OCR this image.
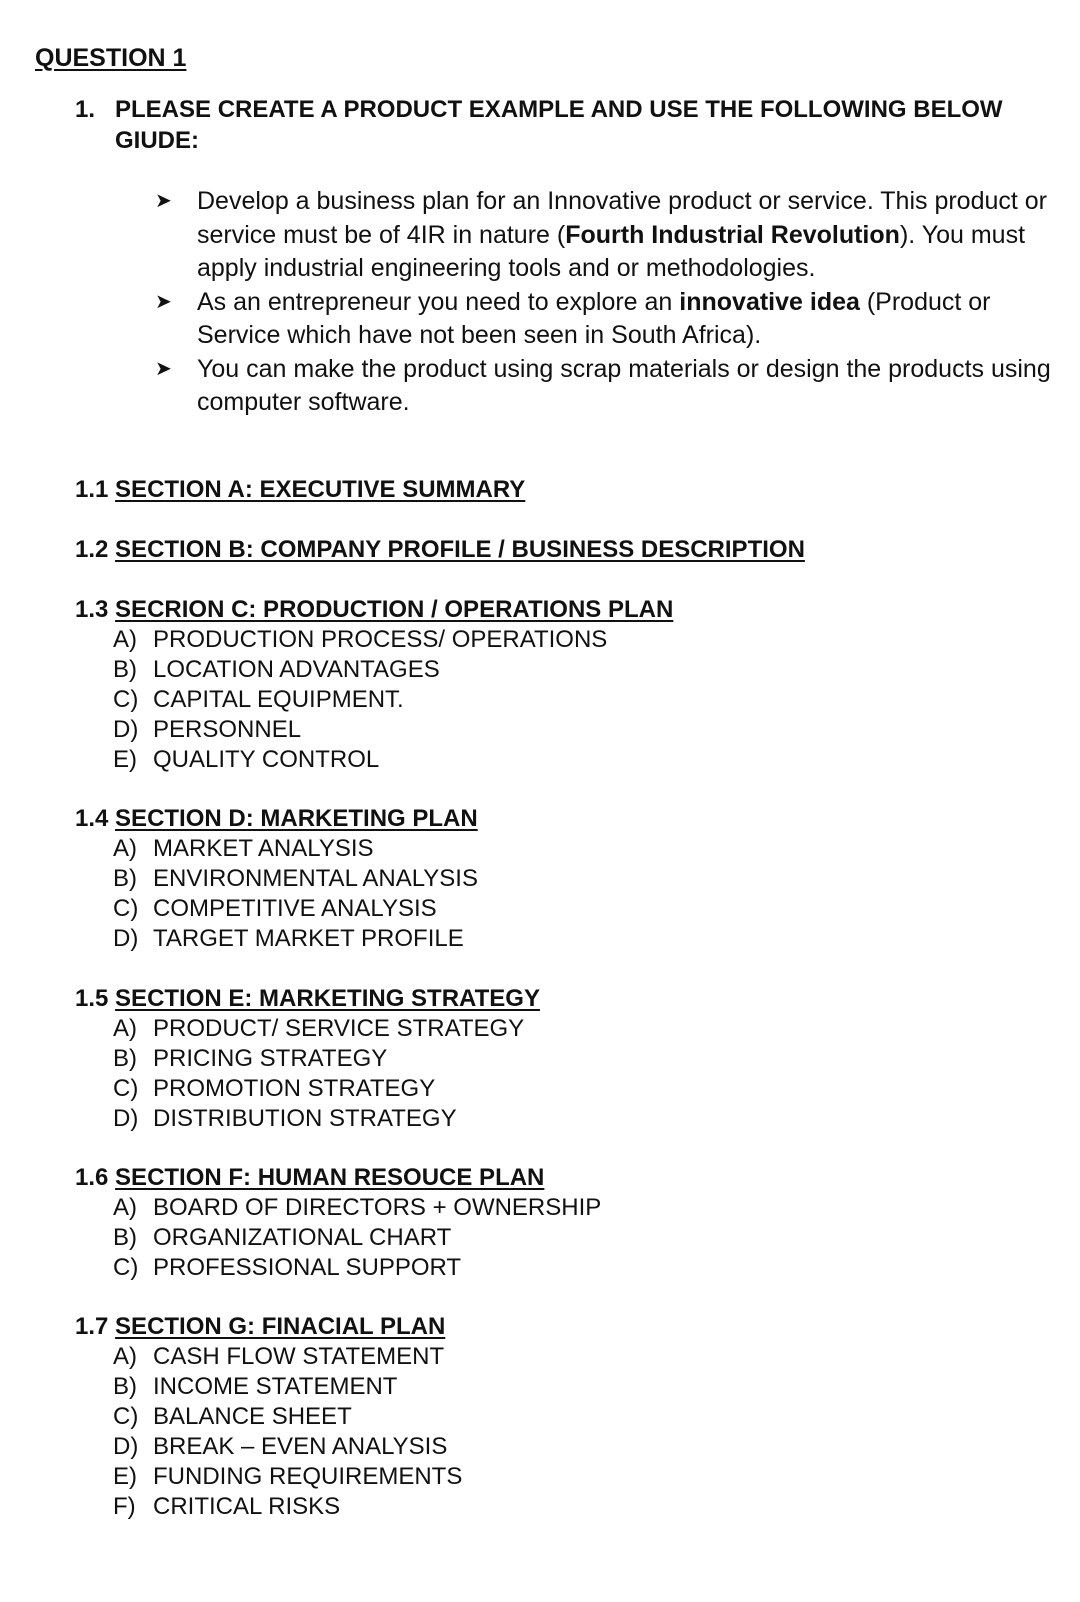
QUESTION 1
1. PLEASE CREATE A PRODUCT EXAMPLE AND USE THE FOLLOWING BELOW GIUDE:
➤ Develop a business plan for an Innovative product or service. This product or service must be of 4IR in nature (Fourth Industrial Revolution). You must apply industrial engineering tools and or methodologies.
➤ As an entrepreneur you need to explore an innovative idea (Product or Service which have not been seen in South Africa).
➤ You can make the product using scrap materials or design the products using computer software.
1.1 SECTION A: EXECUTIVE SUMMARY
1.2 SECTION B: COMPANY PROFILE / BUSINESS DESCRIPTION
1.3 SECRION C: PRODUCTION / OPERATIONS PLAN
A) PRODUCTION PROCESS/ OPERATIONS
B) LOCATION ADVANTAGES
C) CAPITAL EQUIPMENT.
D) PERSONNEL
E) QUALITY CONTROL
1.4 SECTION D: MARKETING PLAN
A) MARKET ANALYSIS
B) ENVIRONMENTAL ANALYSIS
C) COMPETITIVE ANALYSIS
D) TARGET MARKET PROFILE
1.5 SECTION E: MARKETING STRATEGY
A) PRODUCT/ SERVICE STRATEGY
B) PRICING STRATEGY
C) PROMOTION STRATEGY
D) DISTRIBUTION STRATEGY
1.6 SECTION F: HUMAN RESOUCE PLAN
A) BOARD OF DIRECTORS + OWNERSHIP
B) ORGANIZATIONAL CHART
C) PROFESSIONAL SUPPORT
1.7 SECTION G: FINACIAL PLAN
A) CASH FLOW STATEMENT
B) INCOME STATEMENT
C) BALANCE SHEET
D) BREAK – EVEN ANALYSIS
E) FUNDING REQUIREMENTS
F) CRITICAL RISKS
